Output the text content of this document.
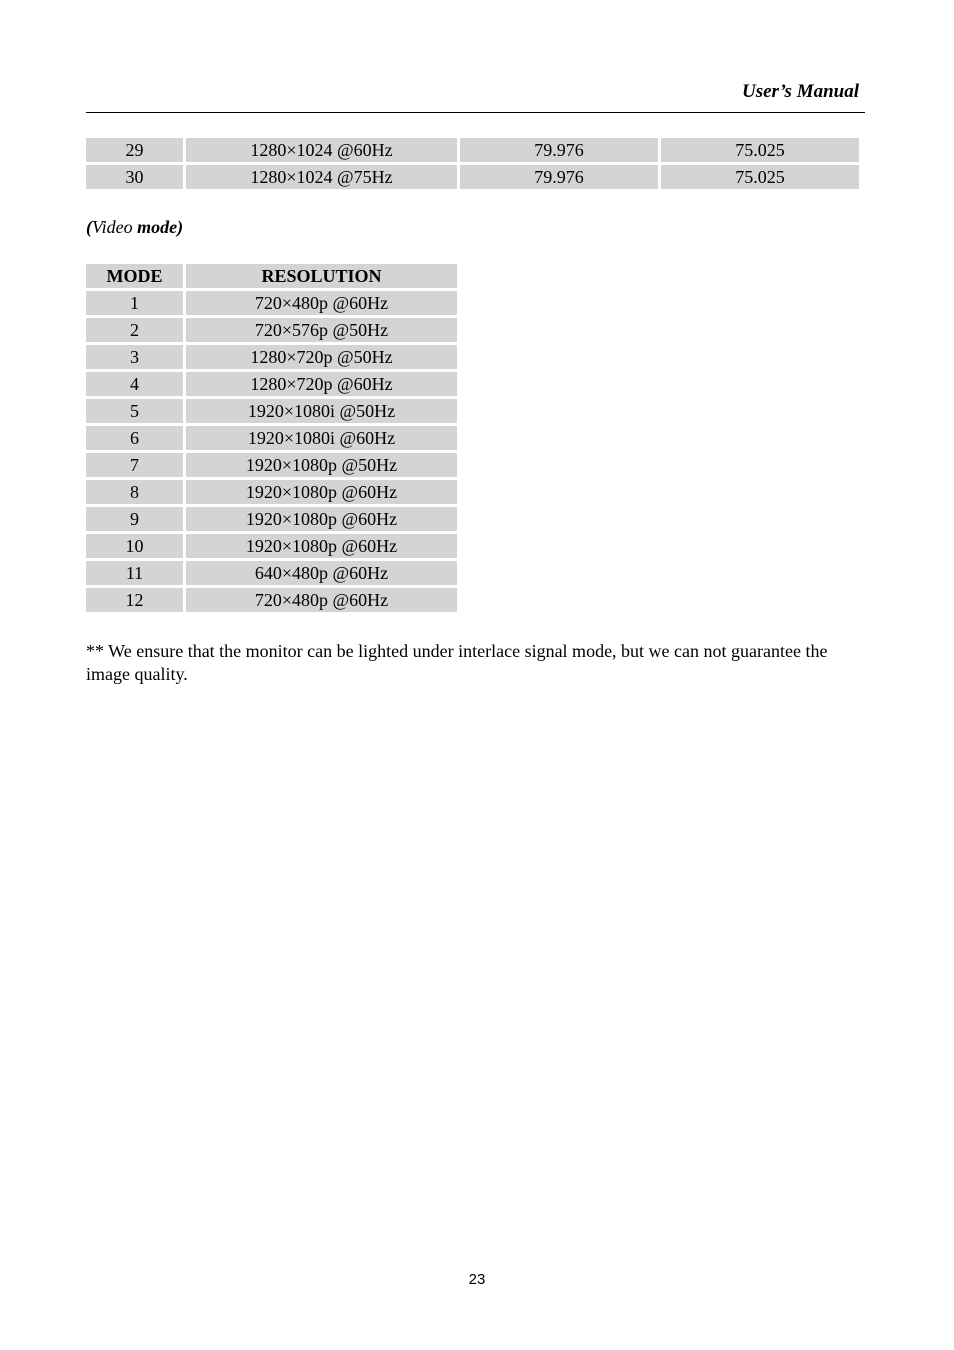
User’s Manual
29	1280×1024 @60Hz	79.976	75.025
30	1280×1024 @75Hz	79.976	75.025
(Video mode)
MODE	RESOLUTION
1	720×480p @60Hz
2	720×576p @50Hz
3	1280×720p @50Hz
4	1280×720p @60Hz
5	1920×1080i @50Hz
6	1920×1080i @60Hz
7	1920×1080p @50Hz
8	1920×1080p @60Hz
9	1920×1080p @60Hz
10	1920×1080p @60Hz
11	640×480p @60Hz
12	720×480p @60Hz
** We ensure that the monitor can be lighted under interlace signal mode, but we can not guarantee the image quality.
23
